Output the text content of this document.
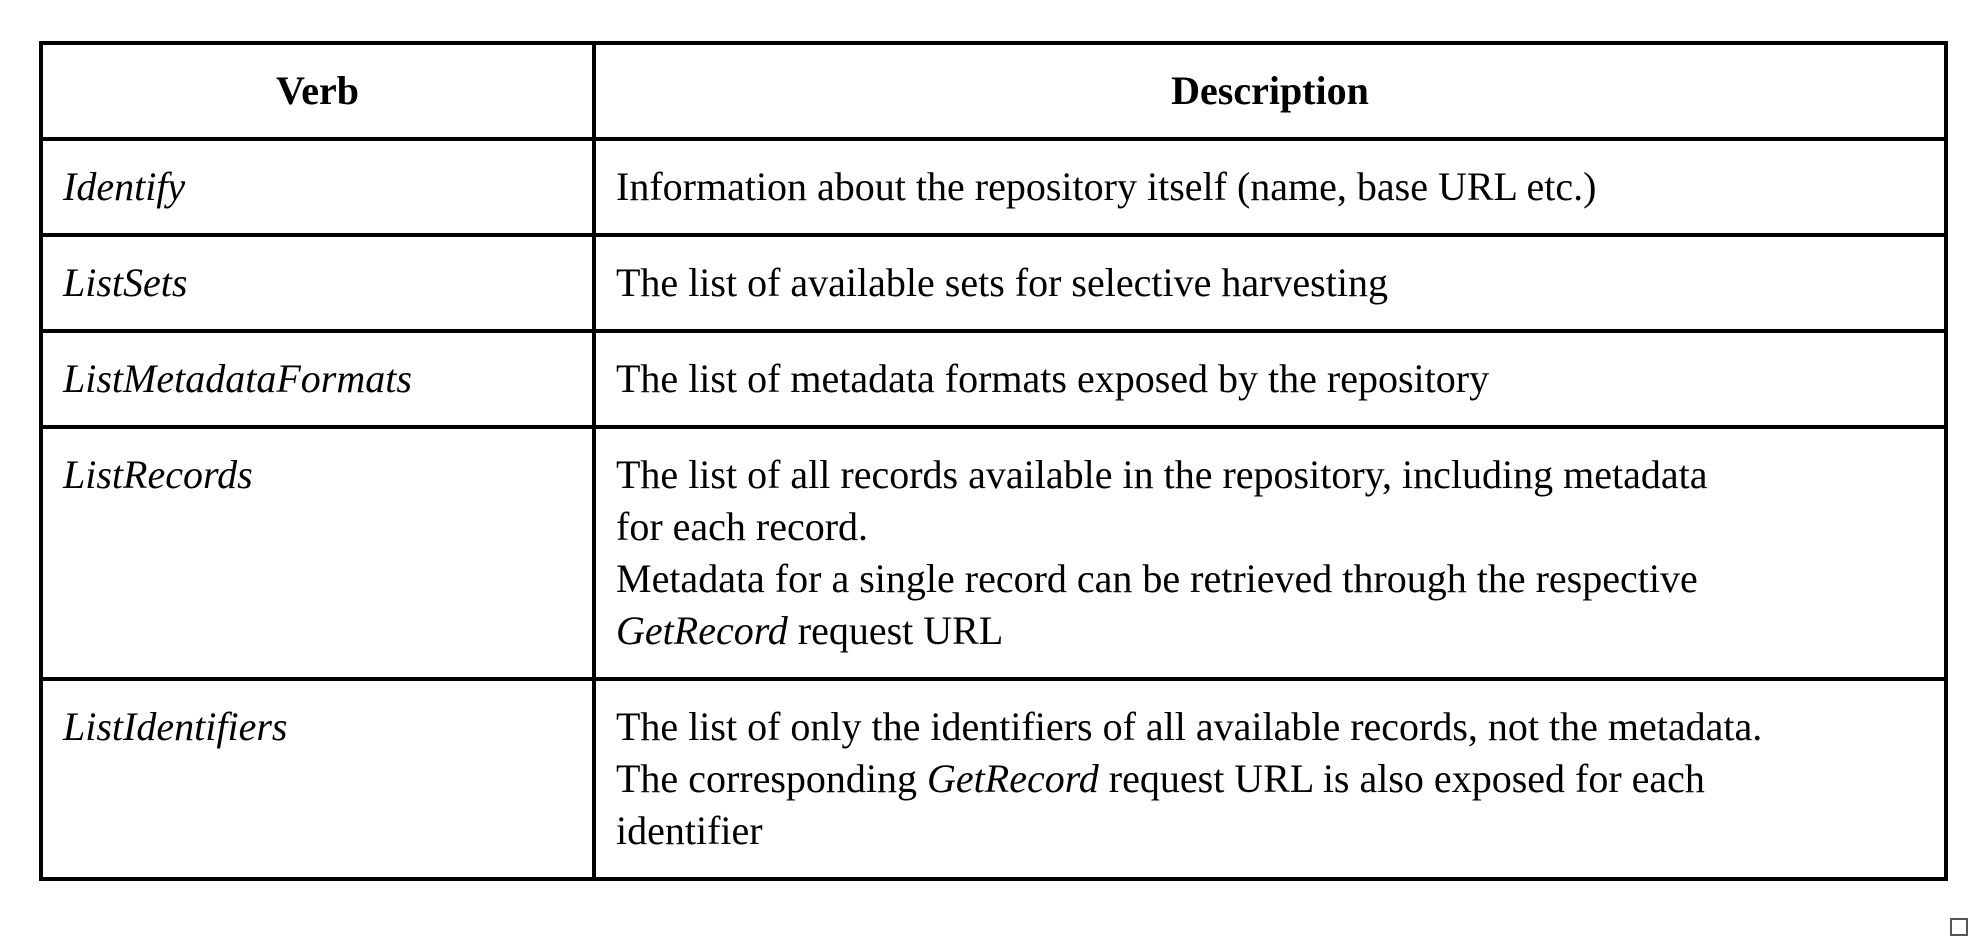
Verb	Description
Identify	Information about the repository itself (name, base URL etc.)

ListSets	The list of available sets for selective harvesting

ListMetadataFormats	The list of metadata formats exposed by the repository

ListRecords	The list of all records available in the repository, including metadata
for each record.
Metadata for a single record can be retrieved through the respective
GetRecord request URL

ListIdentifiers	The list of only the identifiers of all available records, not the metadata.
The corresponding GetRecord request URL is also exposed for each
identifier
